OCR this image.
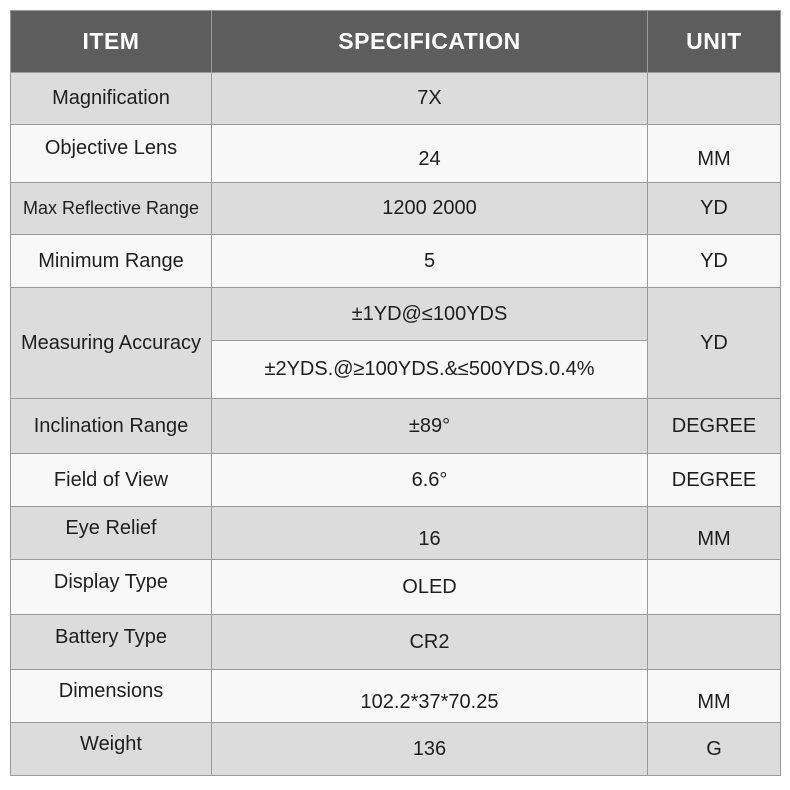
ITEM	SPECIFICATION	UNIT
Magnification	7X	
Objective Lens	24	MM
Max Reflective Range	1200 2000	YD
Minimum Range	5	YD
Measuring Accuracy	±1YD@≤100YDS	YD
	±2YDS.@≥100YDS.&≤500YDS.0.4%	
Inclination Range	±89°	DEGREE
Field of View	6.6°	DEGREE
Eye Relief	16	MM
Display Type	OLED	
Battery Type	CR2	
Dimensions	102.2*37*70.25	MM
Weight	136	G
